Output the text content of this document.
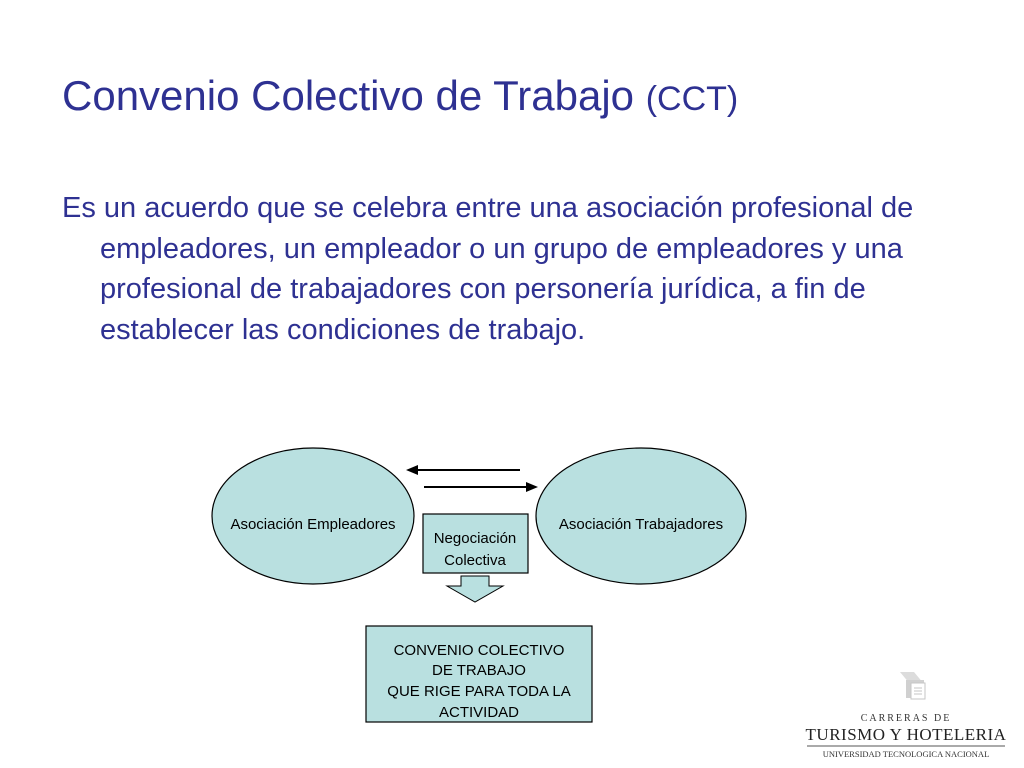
Convenio Colectivo de Trabajo (CCT)
Es un acuerdo que se celebra entre una asociación profesional de empleadores, un empleador o un grupo de empleadores y una profesional de trabajadores con personería jurídica, a fin de establecer las condiciones de trabajo.
Asociación Empleadores	Asociación Trabajadores
Negociación
Colectiva
CONVENIO COLECTIVO
DE TRABAJO
QUE RIGE PARA TODA LA
ACTIVIDAD	CARRERAS DE
TURISMO Y HOTELERIA
UNIVERSIDAD TECNOLOGICA NACIONAL
